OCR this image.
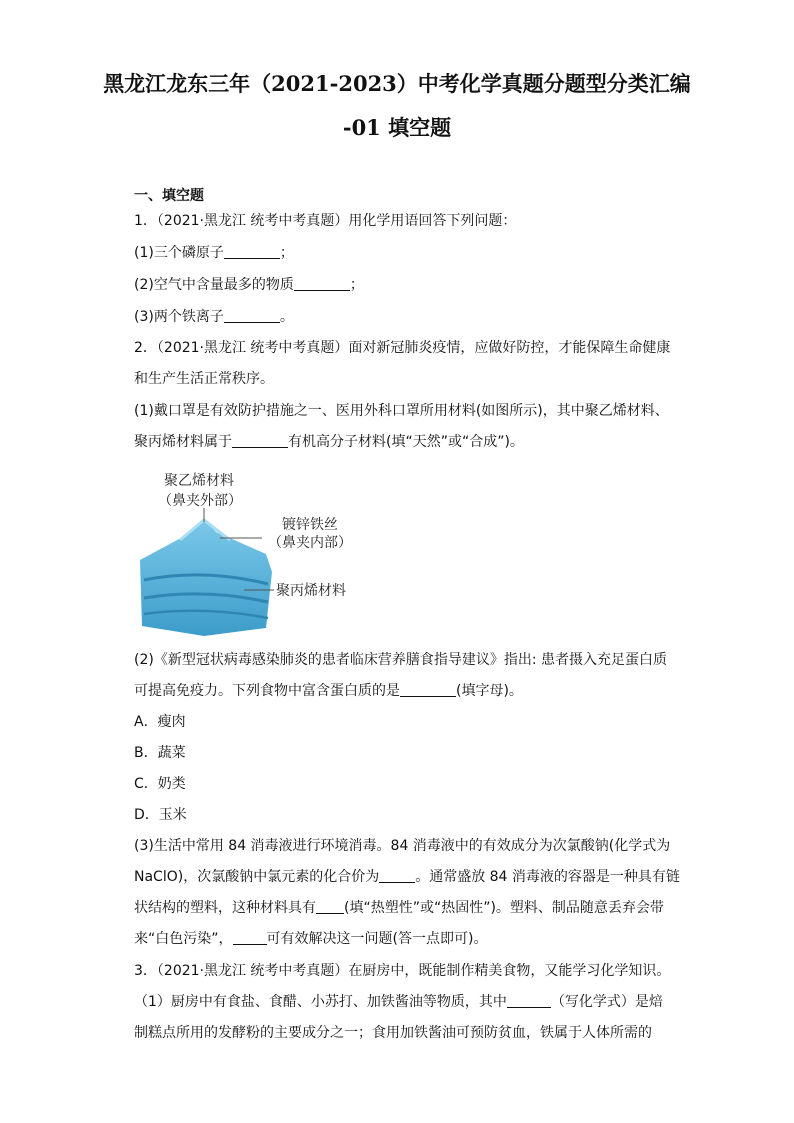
黑龙江龙东三年（2021-2023）中考化学真题分题型分类汇编
-01 填空题
一、填空题
1．（2021·黑龙江 统考中考真题）用化学用语回答下列问题：
(1)三个磷原子	；
(2)空气中含量最多的物质	；
(3)两个铁离子	。
2．（2021·黑龙江 统考中考真题）面对新冠肺炎疫情，应做好防控，才能保障生命健康
和生产生活正常秩序。
(1)戴口罩是有效防护措施之一、医用外科口罩所用材料(如图所示)，其中聚乙烯材料、
聚丙烯材料属于	有机高分子材料(填“天然”或“合成”)。
聚乙烯材料
（鼻夹外部）
镀锌铁丝
（鼻夹内部）
聚丙烯材料
(2)《新型冠状病毒感染肺炎的患者临床营养膳食指导建议》指出: 患者摄入充足蛋白质
可提高免疫力。下列食物中富含蛋白质的是	(填字母)。
A．瘦肉
B．蔬菜
C．奶类
D．玉米
(3)生活中常用 84 消毒液进行环境消毒。84 消毒液中的有效成分为次氯酸钠(化学式为
NaClO)，次氯酸钠中氯元素的化合价为	。通常盛放 84 消毒液的容器是一种具有链
状结构的塑料，这种材料具有 (填“热塑性”或“热固性”)。塑料、制品随意丢弃会带
来“白色污染”， 可有效解决这一问题(答一点即可)。
3．（2021·黑龙江 统考中考真题）在厨房中，既能制作精美食物，又能学习化学知识。
（1）厨房中有食盐、食醋、小苏打、加铁酱油等物质，其中	（写化学式）是焙
制糕点所用的发酵粉的主要成分之一；食用加铁酱油可预防贫血，铁属于人体所需的
